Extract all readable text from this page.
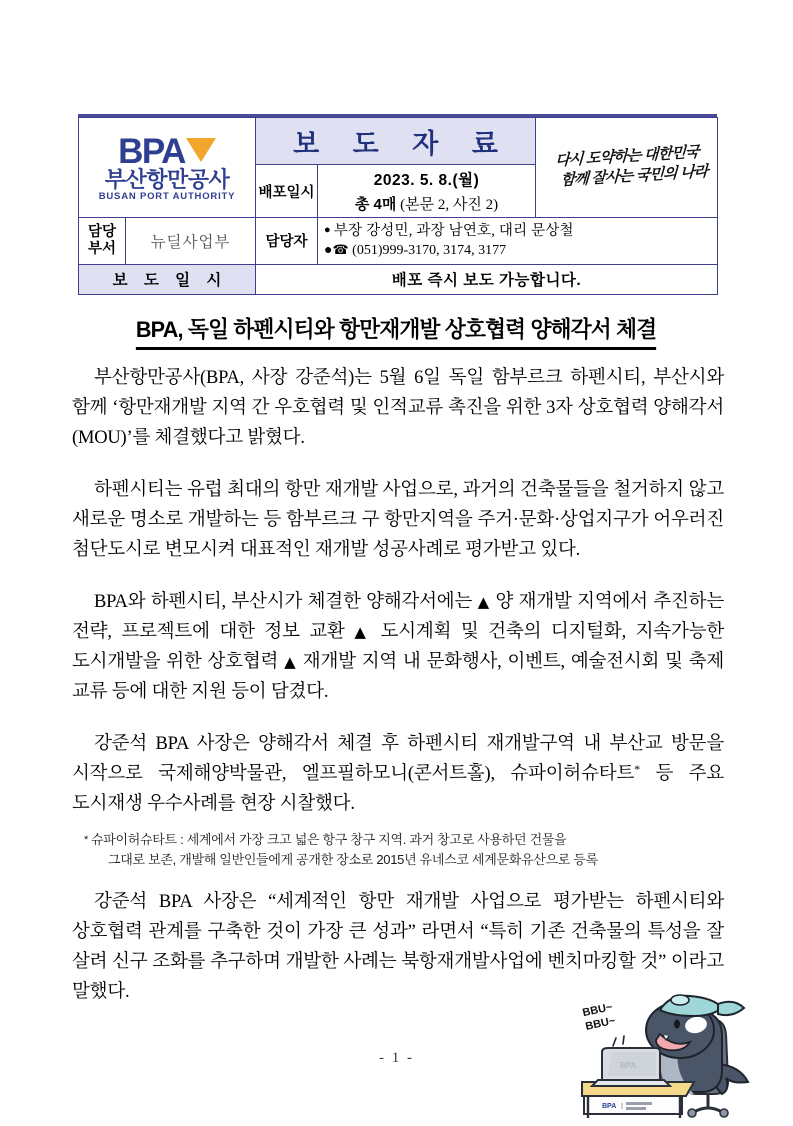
BPA
부산항만공사
BUSAN PORT AUTHORITY
	보 도 자 료	다시 도약하는 대한민국
함께 잘사는 국민의 나라

		배포일시	2023. 5. 8.(월)
총 4매 (본문 2, 사진 2)	

담당
부서	뉴딜사업부	담당자	
● 부장 강성민, 과장 남연호, 대리 문상철
●☎ (051)999-3170, 3174, 3177

보 도 일 시		배포 즉시 보도 가능합니다.		
BPA, 독일 하펜시티와 항만재개발 상호협력 양해각서 체결

부산항만공사(BPA, 사장 강준석)는 5월 6일 독일 함부르크 하펜시티, 부산시와 함께 ‘항만재개발 지역 간 우호협력 및 인적교류 촉진을 위한 3자 상호협력 양해각서(MOU)’를 체결했다고 밝혔다.

하펜시티는 유럽 최대의 항만 재개발 사업으로, 과거의 건축물들을 철거하지 않고 새로운 명소로 개발하는 등 함부르크 구 항만지역을 주거·문화·상업지구가 어우러진 첨단도시로 변모시켜 대표적인 재개발 성공사례로 평가받고 있다.

BPA와 하펜시티, 부산시가 체결한 양해각서에는 ▲ 양 재개발 지역에서 추진하는 전략, 프로젝트에 대한 정보 교환 ▲ 도시계획 및 건축의 디지털화, 지속가능한 도시개발을 위한 상호협력 ▲ 재개발 지역 내 문화행사, 이벤트, 예술전시회 및 축제 교류 등에 대한 지원 등이 담겼다.

강준석 BPA 사장은 양해각서 체결 후 하펜시티 재개발구역 내 부산교 방문을 시작으로 국제해양박물관, 엘프필하모니(콘서트홀), 슈파이허슈타트* 등 주요 도시재생 우수사례를 현장 시찰했다.

* 슈파이허슈타트 : 세계에서 가장 크고 넓은 항구 창구 지역. 과거 창고로 사용하던 건물을
그대로 보존, 개발해 일반인들에게 공개한 장소로 2015년 유네스코 세계문화유산으로 등록

강준석 BPA 사장은 “세계적인 항만 재개발 사업으로 평가받는 하펜시티와 상호협력 관계를 구축한 것이 가장 큰 성과” 라면서 “특히 기존 건축물의 특성을 잘 살려 신구 조화를 추구하며 개발한 사례는 북항재개발사업에 벤치마킹할 것” 이라고 말했다.

BPA
BPA
BBU~
BBU~
- 1 -
